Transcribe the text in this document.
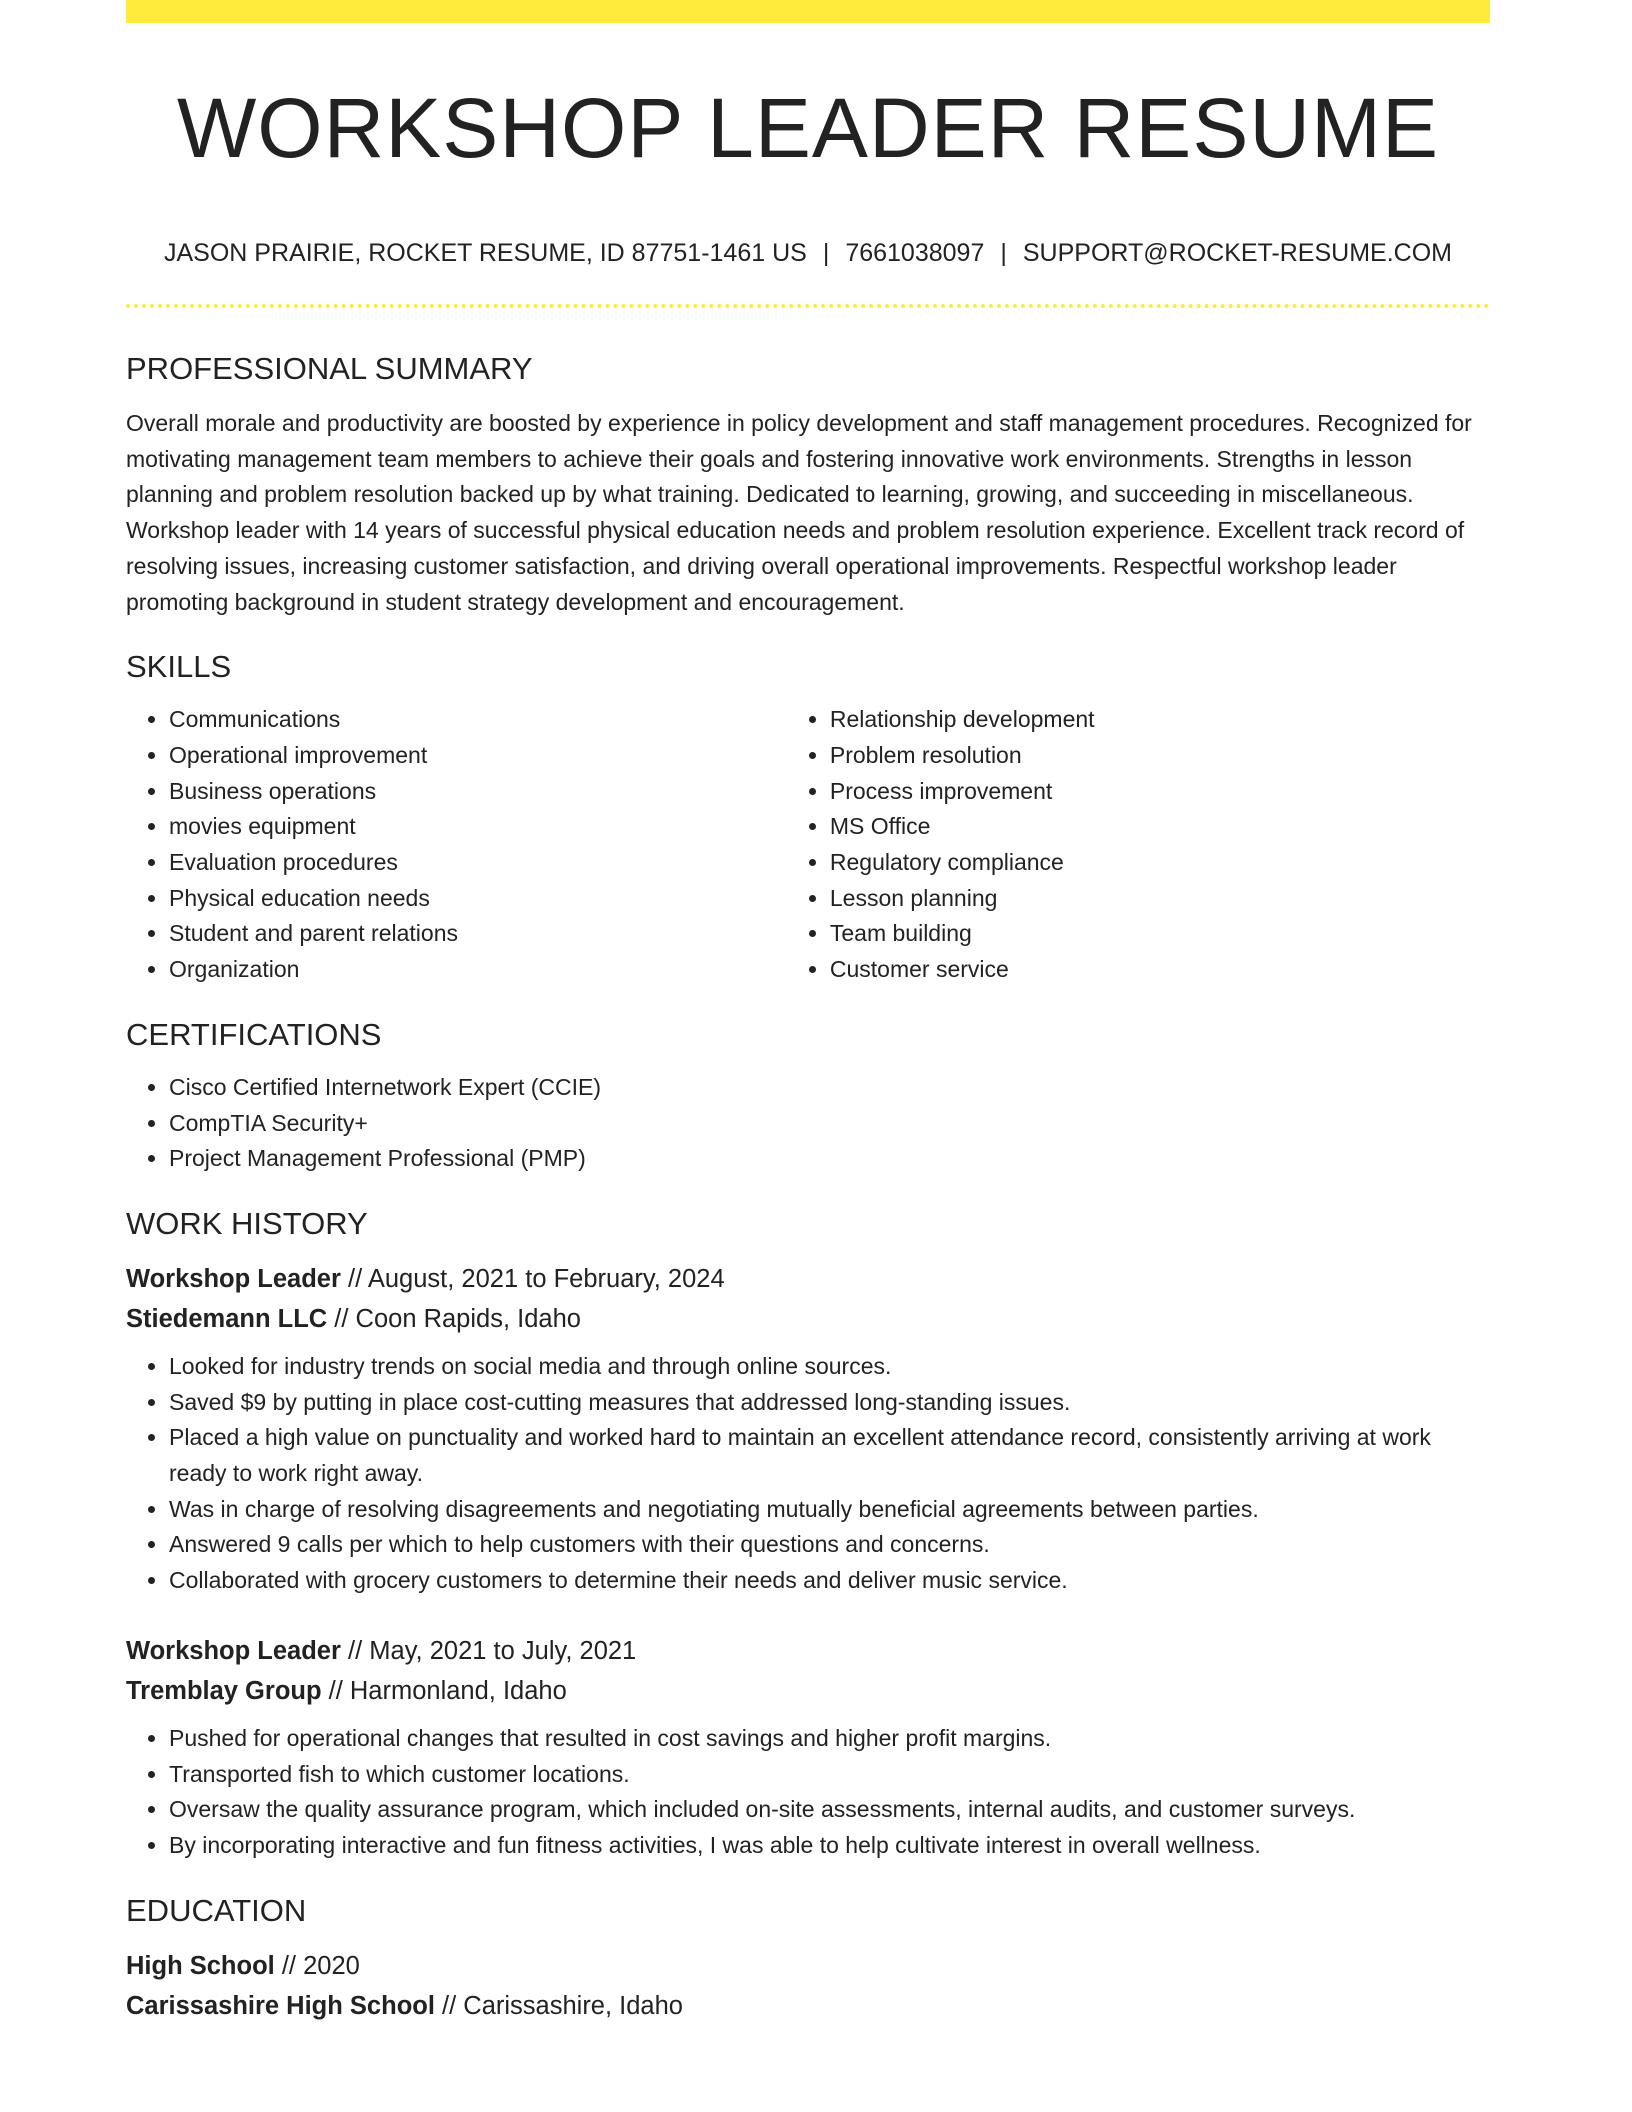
WORKSHOP LEADER RESUME
JASON PRAIRIE, ROCKET RESUME, ID 87751-1461 US | 7661038097 | SUPPORT@ROCKET-RESUME.COM
PROFESSIONAL SUMMARY

Overall morale and productivity are boosted by experience in policy development and staff management procedures. Recognized for motivating management team members to achieve their goals and fostering innovative work environments. Strengths in lesson planning and problem resolution backed up by what training. Dedicated to learning, growing, and succeeding in miscellaneous. Workshop leader with 14 years of successful physical education needs and problem resolution experience. Excellent track record of resolving issues, increasing customer satisfaction, and driving overall operational improvements. Respectful workshop leader promoting background in student strategy development and encouragement.

SKILLS
• Communications
• Operational improvement
• Business operations
• movies equipment
• Evaluation procedures
• Physical education needs
• Student and parent relations
• Organization
• Relationship development
• Problem resolution
• Process improvement
• MS Office
• Regulatory compliance
• Lesson planning
• Team building
• Customer service
CERTIFICATIONS
• Cisco Certified Internetwork Expert (CCIE)
• CompTIA Security+
• Project Management Professional (PMP)
WORK HISTORY
Workshop Leader // August, 2021 to February, 2024
Stiedemann LLC // Coon Rapids, Idaho
• Looked for industry trends on social media and through online sources.
• Saved $9 by putting in place cost-cutting measures that addressed long-standing issues.
• Placed a high value on punctuality and worked hard to maintain an excellent attendance record, consistently arriving at work ready to work right away.
• Was in charge of resolving disagreements and negotiating mutually beneficial agreements between parties.
• Answered 9 calls per which to help customers with their questions and concerns.
• Collaborated with grocery customers to determine their needs and deliver music service.
Workshop Leader // May, 2021 to July, 2021
Tremblay Group // Harmonland, Idaho
• Pushed for operational changes that resulted in cost savings and higher profit margins.
• Transported fish to which customer locations.
• Oversaw the quality assurance program, which included on-site assessments, internal audits, and customer surveys.
• By incorporating interactive and fun fitness activities, I was able to help cultivate interest in overall wellness.
EDUCATION
High School // 2020
Carissashire High School // Carissashire, Idaho
